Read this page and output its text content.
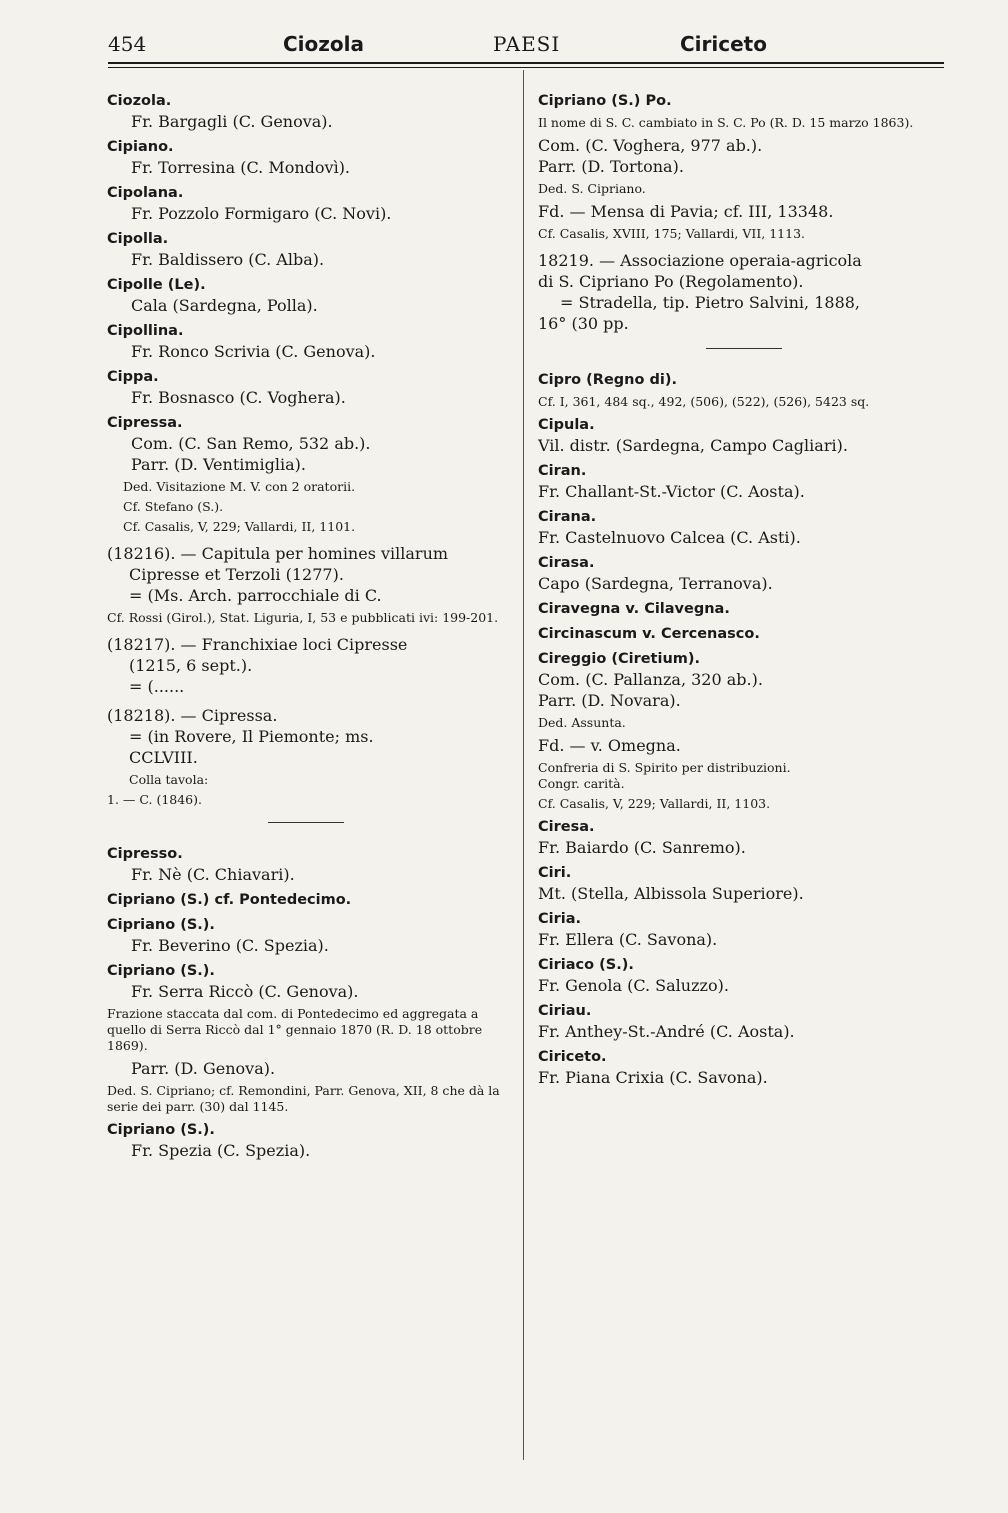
454	Ciozola	PAESI	Ciriceto
Ciozola.
Fr. Bargagli (C. Genova).
Cipiano.
Fr. Torresina (C. Mondovì).
Cipolana.
Fr. Pozzolo Formigaro (C. Novi).
Cipolla.
Fr. Baldissero (C. Alba).
Cipolle (Le).
Cala (Sardegna, Polla).
Cipollina.
Fr. Ronco Scrivia (C. Genova).
Cippa.
Fr. Bosnasco (C. Voghera).
Cipressa.
Com. (C. San Remo, 532 ab.).
Parr. (D. Ventimiglia).
Ded. Visitazione M. V. con 2 oratorii.
Cf. Stefano (S.).
Cf. Casalis, V, 229; Vallardi, II, 1101.
(18216). — Capitula per homines villarum
Cipresse et Terzoli (1277).
= (Ms. Arch. parrocchiale di C.
Cf. Rossi (Girol.), Stat. Liguria, I, 53 e pubblicati ivi: 199-201.
(18217). — Franchixiae loci Cipresse
(1215, 6 sept.).
= (......
(18218). — Cipressa.
= (in Rovere, Il Piemonte; ms.
CCLVIII.
Colla tavola:
1. — C. (1846).
Cipresso.
Fr. Nè (C. Chiavari).
Cipriano (S.) cf. Pontedecimo.
Cipriano (S.).
Fr. Beverino (C. Spezia).
Cipriano (S.).
Fr. Serra Riccò (C. Genova).
Frazione staccata dal com. di Pontedecimo ed aggregata a quello di Serra Riccò dal 1° gennaio 1870 (R. D. 18 ottobre 1869).
Parr. (D. Genova).
Ded. S. Cipriano; cf. Remondini, Parr. Genova, XII, 8 che dà la serie dei parr. (30) dal 1145.
Cipriano (S.).
Fr. Spezia (C. Spezia).
Cipriano (S.) Po.
Il nome di S. C. cambiato in S. C. Po (R. D. 15 marzo 1863).
Com. (C. Voghera, 977 ab.).
Parr. (D. Tortona).
Ded. S. Cipriano.
Fd. — Mensa di Pavia; cf. III, 13348.
Cf. Casalis, XVIII, 175; Vallardi, VII, 1113.
18219. — Associazione operaia-agricola
di S. Cipriano Po (Regolamento).
= Stradella, tip. Pietro Salvini, 1888,
16° (30 pp.
Cipro (Regno di).
Cf. I, 361, 484 sq., 492, (506), (522), (526), 5423 sq.
Cipula.
Vil. distr. (Sardegna, Campo Cagliari).
Ciran.
Fr. Challant-St.-Victor (C. Aosta).
Cirana.
Fr. Castelnuovo Calcea (C. Asti).
Cirasa.
Capo (Sardegna, Terranova).
Ciravegna v. Cilavegna.
Circinascum v. Cercenasco.
Cireggio (Ciretium).
Com. (C. Pallanza, 320 ab.).
Parr. (D. Novara).
Ded. Assunta.
Fd. — v. Omegna.
Confreria di S. Spirito per distribuzioni.
Congr. carità.
Cf. Casalis, V, 229; Vallardi, II, 1103.
Ciresa.
Fr. Baiardo (C. Sanremo).
Ciri.
Mt. (Stella, Albissola Superiore).
Ciria.
Fr. Ellera (C. Savona).
Ciriaco (S.).
Fr. Genola (C. Saluzzo).
Ciriau.
Fr. Anthey-St.-André (C. Aosta).
Ciriceto.
Fr. Piana Crixia (C. Savona).
